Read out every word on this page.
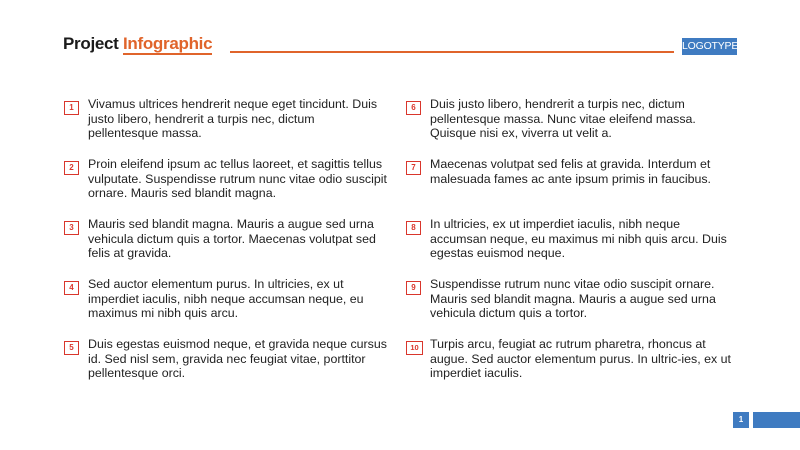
Project Infographic	LOGOTYPE
1	Vivamus ultrices hendrerit neque eget tincidunt. Duis justo libero, hendrerit a turpis nec, dictum pellentesque massa.
2	Proin eleifend ipsum ac tellus laoreet, et sagittis tellus vulputate. Suspendisse rutrum nunc vitae odio suscipit ornare. Mauris sed blandit magna.
3	Mauris sed blandit magna. Mauris a augue sed urna vehicula dictum quis a tortor. Maecenas volutpat sed felis at gravida.
4	Sed auctor elementum purus. In ultricies, ex ut imperdiet iaculis, nibh neque accumsan neque, eu maximus mi nibh quis arcu.
5	Duis egestas euismod neque, et gravida neque cursus id. Sed nisl sem, gravida nec feugiat vitae, porttitor pellentesque orci.
6	Duis justo libero, hendrerit a turpis nec, dictum pellentesque massa. Nunc vitae eleifend massa. Quisque nisi ex, viverra ut velit a.
7	Maecenas volutpat sed felis at gravida. Interdum et malesuada fames ac ante ipsum primis in faucibus.
8	In ultricies, ex ut imperdiet iaculis, nibh neque accumsan neque, eu maximus mi nibh quis arcu. Duis egestas euismod neque.
9	Suspendisse rutrum nunc vitae odio suscipit ornare. Mauris sed blandit magna. Mauris a augue sed urna vehicula dictum quis a tortor.
10 Turpis arcu, feugiat ac rutrum pharetra, rhoncus at augue. Sed auctor elementum purus. In ultric-ies, ex ut imperdiet iaculis.
1
